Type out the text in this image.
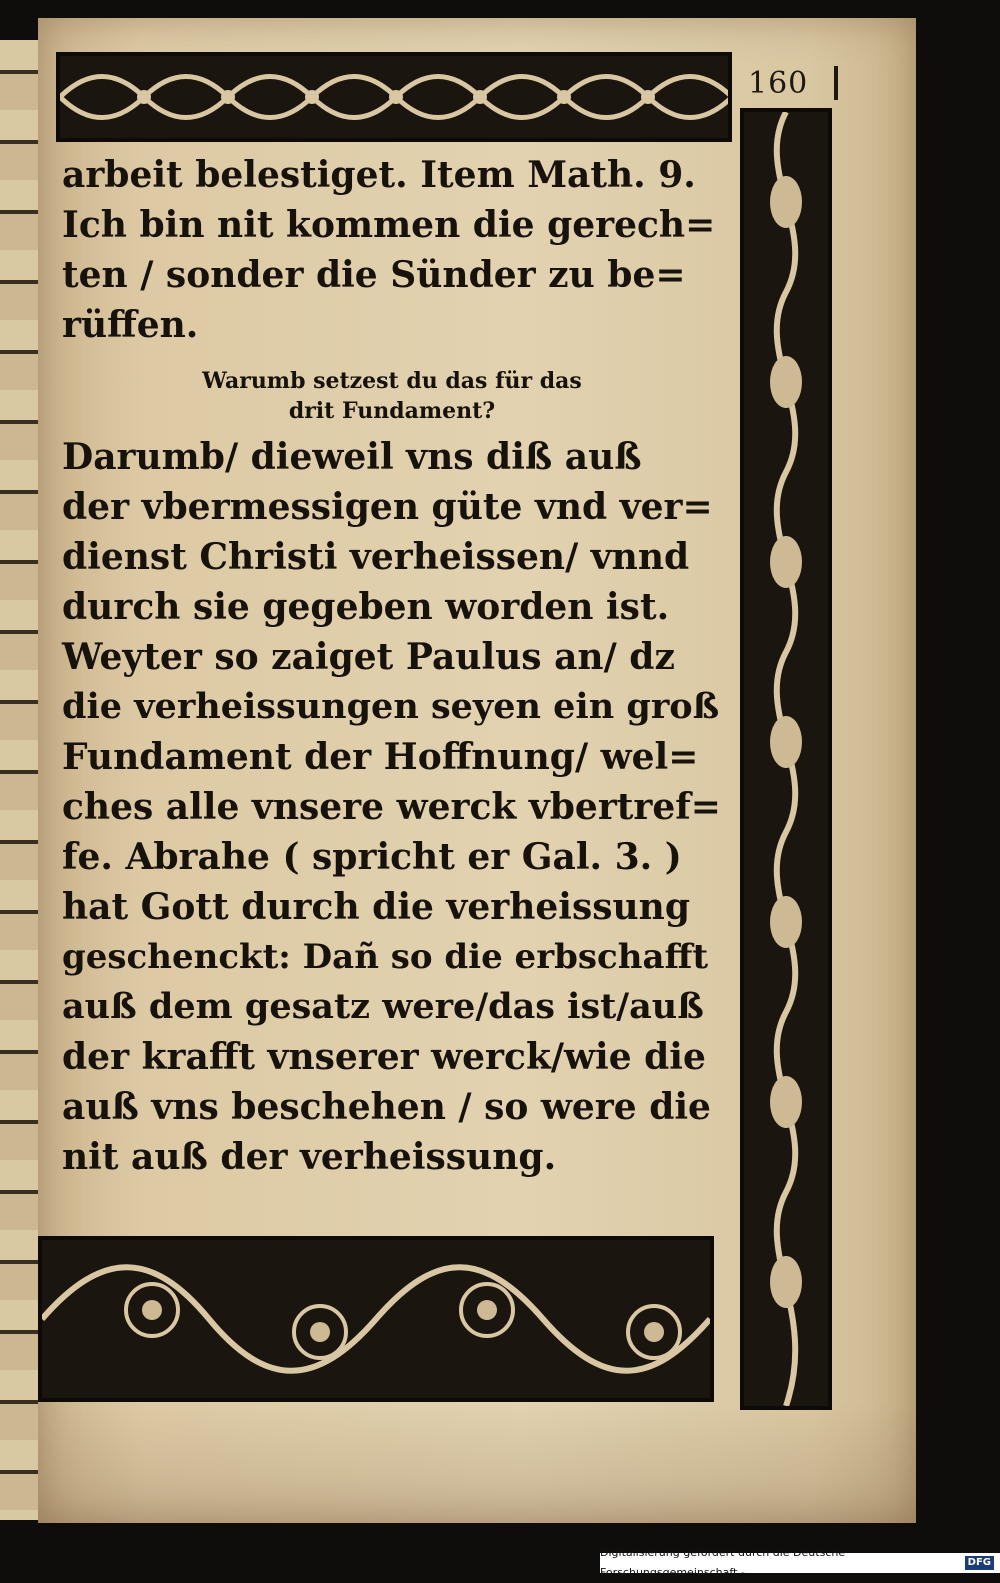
160
arbeit belestiget. Item Math. 9.
Ich bin nit kommen die gerech=
ten / sonder die Sünder zu be=
rüffen.
Warumb setzest du das für das
drit Fundament?
Darumb/ dieweil vns diß auß
der vbermessigen güte vnd ver=
dienst Christi verheissen/ vnnd
durch sie gegeben worden ist.
Weyter so zaiget Paulus an/ dz
die verheissungen seyen ein groß
Fundament der Hoffnung/ wel=
ches alle vnsere werck vbertref=
fe. Abrahe ( spricht er Gal. 3. )
hat Gott durch die verheissung
geschenckt: Dañ so die erbschafft
auß dem gesatz were/das ist/auß
der krafft vnserer werck/wie die
auß vns beschehen / so were die
nit auß der verheissung.
Digitalisierung gefördert durch die Deutsche Forschungsgemeinschaft -
DFG
